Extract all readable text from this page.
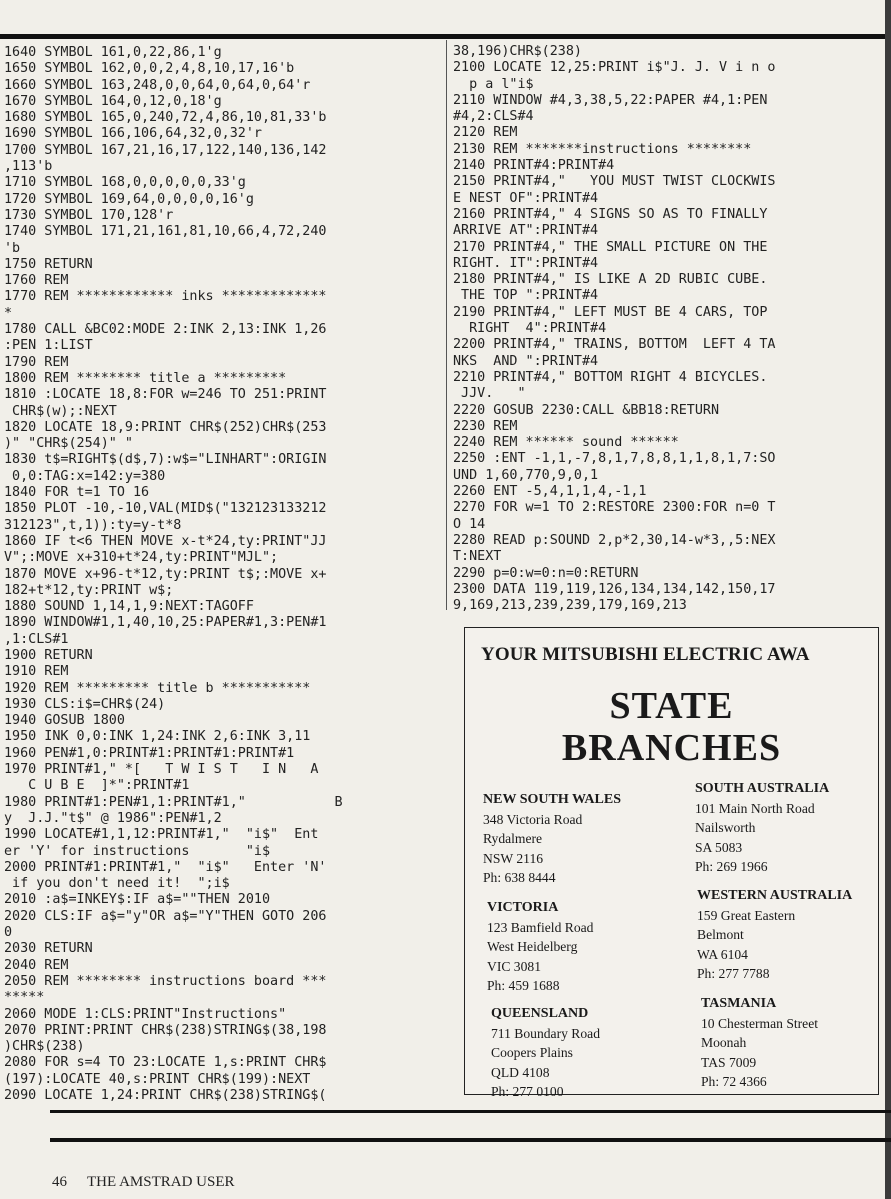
1640 SYMBOL 161,0,22,86,1'g
1650 SYMBOL 162,0,0,2,4,8,10,17,16'b
1660 SYMBOL 163,248,0,0,64,0,64,0,64'r
1670 SYMBOL 164,0,12,0,18'g
1680 SYMBOL 165,0,240,72,4,86,10,81,33'b
1690 SYMBOL 166,106,64,32,0,32'r
1700 SYMBOL 167,21,16,17,122,140,136,142
,113'b
1710 SYMBOL 168,0,0,0,0,0,33'g
1720 SYMBOL 169,64,0,0,0,0,16'g
1730 SYMBOL 170,128'r
1740 SYMBOL 171,21,161,81,10,66,4,72,240
'b
1750 RETURN
1760 REM
1770 REM ************ inks *************
*
1780 CALL &BC02:MODE 2:INK 2,13:INK 1,26
:PEN 1:LIST
1790 REM
1800 REM ******** title a *********
1810 :LOCATE 18,8:FOR w=246 TO 251:PRINT
CHR$(w);:NEXT
1820 LOCATE 18,9:PRINT CHR$(252)CHR$(253
)" "CHR$(254)" "
1830 t$=RIGHT$(d$,7):w$="LINHART":ORIGIN
0,0:TAG:x=142:y=380
1840 FOR t=1 TO 16
1850 PLOT -10,-10,VAL(MID$("132123133212
312123",t,1)):ty=y-t*8
1860 IF t<6 THEN MOVE x-t*24,ty:PRINT"JJ
V";:MOVE x+310+t*24,ty:PRINT"MJL";
1870 MOVE x+96-t*12,ty:PRINT t$;:MOVE x+
182+t*12,ty:PRINT w$;
1880 SOUND 1,14,1,9:NEXT:TAGOFF
1890 WINDOW#1,1,40,10,25:PAPER#1,3:PEN#1
,1:CLS#1
1900 RETURN
1910 REM
1920 REM ********* title b ***********
1930 CLS:i$=CHR$(24)
1940 GOSUB 1800
1950 INK 0,0:INK 1,24:INK 2,6:INK 3,11
1960 PEN#1,0:PRINT#1:PRINT#1:PRINT#1
1970 PRINT#1," *[   T W I S T   I N   A
C U B E  ]*":PRINT#1
1980 PRINT#1:PEN#1,1:PRINT#1,"           B
y  J.J."t$" @ 1986":PEN#1,2
1990 LOCATE#1,1,12:PRINT#1,"  "i$"  Ent
er 'Y' for instructions       "i$
2000 PRINT#1:PRINT#1,"  "i$"   Enter 'N'
if you don't need it!  ";i$
2010 :a$=INKEY$:IF a$=""THEN 2010
2020 CLS:IF a$="y"OR a$="Y"THEN GOTO 206
0
2030 RETURN
2040 REM
2050 REM ******** instructions board ***
*****
2060 MODE 1:CLS:PRINT"Instructions"
2070 PRINT:PRINT CHR$(238)STRING$(38,198
)CHR$(238)
2080 FOR s=4 TO 23:LOCATE 1,s:PRINT CHR$
(197):LOCATE 40,s:PRINT CHR$(199):NEXT
2090 LOCATE 1,24:PRINT CHR$(238)STRING$(
38,196)CHR$(238)
2100 LOCATE 12,25:PRINT i$"J. J. V i n o
p a l"i$
2110 WINDOW #4,3,38,5,22:PAPER #4,1:PEN
#4,2:CLS#4
2120 REM
2130 REM *******instructions ********
2140 PRINT#4:PRINT#4
2150 PRINT#4,"   YOU MUST TWIST CLOCKWIS
E NEST OF":PRINT#4
2160 PRINT#4," 4 SIGNS SO AS TO FINALLY
ARRIVE AT":PRINT#4
2170 PRINT#4," THE SMALL PICTURE ON THE
RIGHT. IT":PRINT#4
2180 PRINT#4," IS LIKE A 2D RUBIC CUBE.
THE TOP ":PRINT#4
2190 PRINT#4," LEFT MUST BE 4 CARS, TOP
RIGHT  4":PRINT#4
2200 PRINT#4," TRAINS, BOTTOM  LEFT 4 TA
NKS  AND ":PRINT#4
2210 PRINT#4," BOTTOM RIGHT 4 BICYCLES.
JJV.   "
2220 GOSUB 2230:CALL &BB18:RETURN
2230 REM
2240 REM ****** sound ******
2250 :ENT -1,1,-7,8,1,7,8,8,1,1,8,1,7:SO
UND 1,60,770,9,0,1
2260 ENT -5,4,1,1,4,-1,1
2270 FOR w=1 TO 2:RESTORE 2300:FOR n=0 T
O 14
2280 READ p:SOUND 2,p*2,30,14-w*3,,5:NEX
T:NEXT
2290 p=0:w=0:n=0:RETURN
2300 DATA 119,119,126,134,134,142,150,17
9,169,213,239,239,179,169,213
YOUR MITSUBISHI ELECTRIC AWA
STATE
BRANCHES
NEW SOUTH WALES
348 Victoria Road
Rydalmere
NSW 2116
Ph: 638 8444
SOUTH AUSTRALIA
101 Main North Road
Nailsworth
SA 5083
Ph: 269 1966
VICTORIA
123 Bamfield Road
West Heidelberg
VIC 3081
Ph: 459 1688
WESTERN AUSTRALIA
159 Great Eastern
Belmont
WA 6104
Ph: 277 7788
QUEENSLAND
711 Boundary Road
Coopers Plains
QLD 4108
Ph: 277 0100
TASMANIA
10 Chesterman Street
Moonah
TAS 7009
Ph: 72 4366
46 THE AMSTRAD USER
